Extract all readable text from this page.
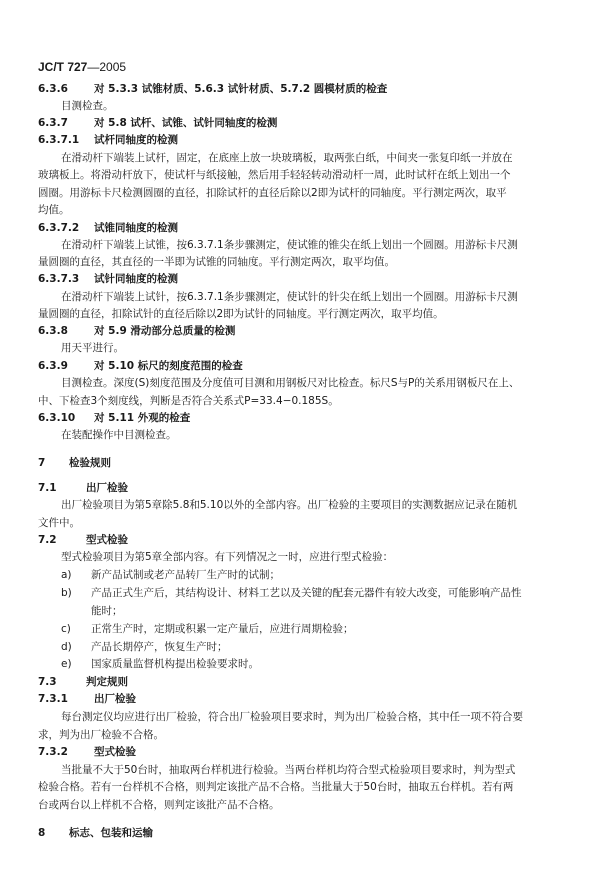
JC/T 727—2005
6.3.6 对 5.3.3 试锥材质、5.6.3 试针材质、5.7.2 圆模材质的检查
目测检查。
6.3.7 对 5.8 试杆、试锥、试针同轴度的检测
6.3.7.1 试杆同轴度的检测
在滑动杆下端装上试杆，固定，在底座上放一块玻璃板，取两张白纸，中间夹一张复印纸一并放在
玻璃板上。将滑动杆放下，使试杆与纸接触，然后用手轻轻转动滑动杆一周，此时试杆在纸上划出一个
圆圈。用游标卡尺检测圆圈的直径，扣除试杆的直径后除以2即为试杆的同轴度。平行测定两次，取平
均值。
6.3.7.2 试锥同轴度的检测
在滑动杆下端装上试锥，按6.3.7.1条步骤测定，使试锥的锥尖在纸上划出一个圆圈。用游标卡尺测
量圆圈的直径，其直径的一半即为试锥的同轴度。平行测定两次，取平均值。
6.3.7.3 试针同轴度的检测
在滑动杆下端装上试针，按6.3.7.1条步骤测定，使试针的针尖在纸上划出一个圆圈。用游标卡尺测
量圆圈的直径，扣除试针的直径后除以2即为试针的同轴度。平行测定两次，取平均值。
6.3.8 对 5.9 滑动部分总质量的检测
用天平进行。
6.3.9 对 5.10 标尺的刻度范围的检查
目测检查。深度(S)刻度范围及分度值可目测和用钢板尺对比检查。标尺S与P的关系用钢板尺在上、
中、下检查3个刻度线，判断是否符合关系式P=33.4−0.185S。
6.3.10 对 5.11 外观的检查
在装配操作中目测检查。
7 检验规则
7.1	出厂检验
出厂检验项目为第5章除5.8和5.10以外的全部内容。出厂检验的主要项目的实测数据应记录在随机
文件中。
7.2	型式检验
型式检验项目为第5章全部内容。有下列情况之一时，应进行型式检验：
a) 新产品试制或老产品转厂生产时的试制；
b) 产品正式生产后，其结构设计、材料工艺以及关键的配套元器件有较大改变，可能影响产品性
能时；
c) 正常生产时，定期或积累一定产量后，应进行周期检验；
d) 产品长期停产，恢复生产时；
e) 国家质量监督机构提出检验要求时。
7.3	判定规则
7.3.1 出厂检验
每台测定仪均应进行出厂检验，符合出厂检验项目要求时，判为出厂检验合格，其中任一项不符合要
求，判为出厂检验不合格。
7.3.2 型式检验
当批量不大于50台时，抽取两台样机进行检验。当两台样机均符合型式检验项目要求时，判为型式
检验合格。若有一台样机不合格，则判定该批产品不合格。当批量大于50台时，抽取五台样机。若有两
台或两台以上样机不合格，则判定该批产品不合格。
8 标志、包装和运输
